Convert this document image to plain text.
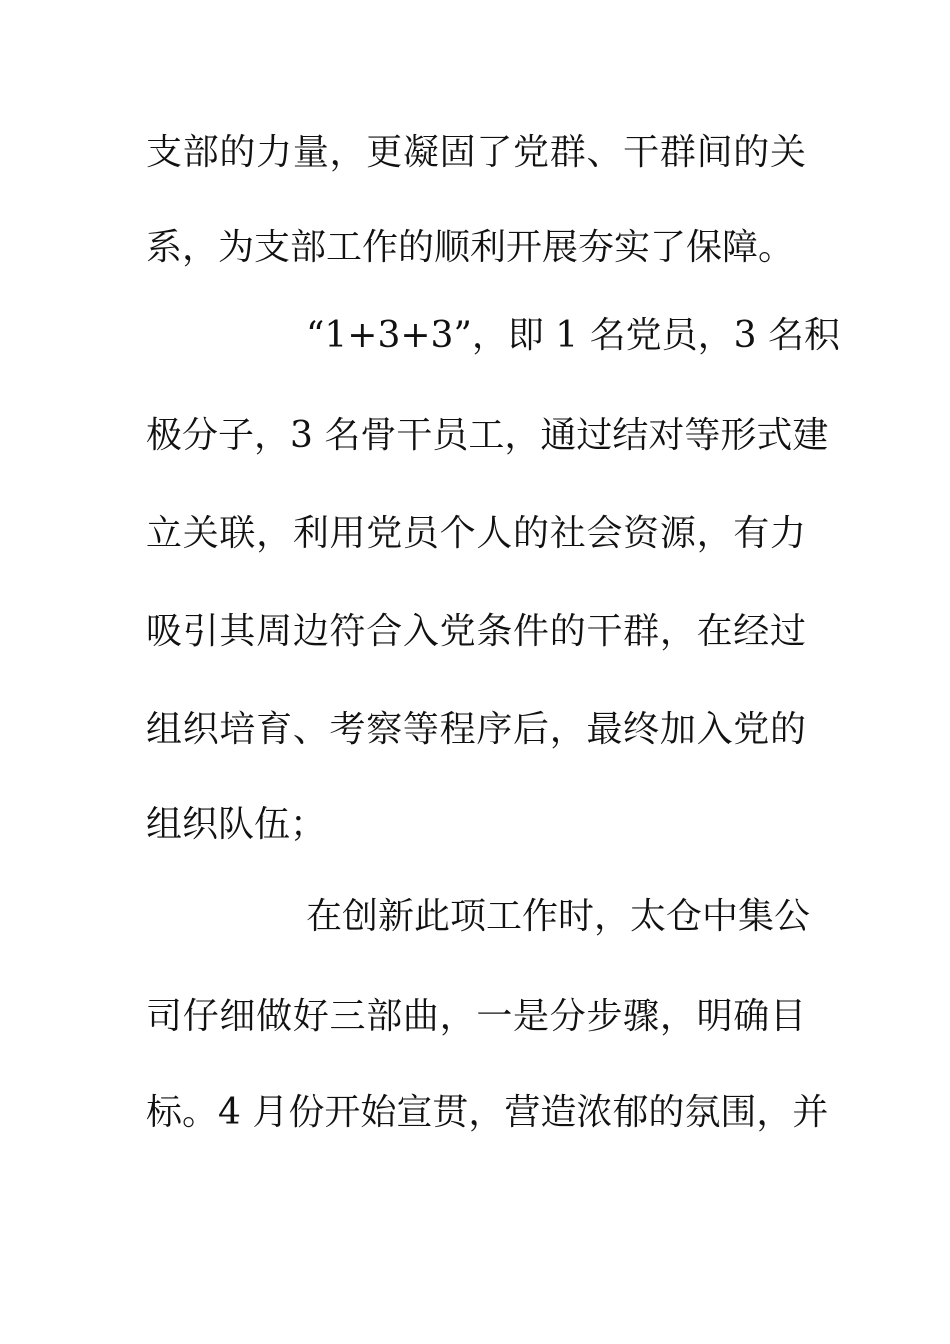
支部的力量，更凝固了党群、干群间的关
系，为支部工作的顺利开展夯实了保障。
“1+3+3”，即 1 名党员，3 名积
极分子，3 名骨干员工，通过结对等形式建
立关联，利用党员个人的社会资源，有力
吸引其周边符合入党条件的干群，在经过
组织培育、考察等程序后，最终加入党的
组织队伍；
在创新此项工作时，太仓中集公
司仔细做好三部曲，一是分步骤，明确目
标。4 月份开始宣贯，营造浓郁的氛围，并
